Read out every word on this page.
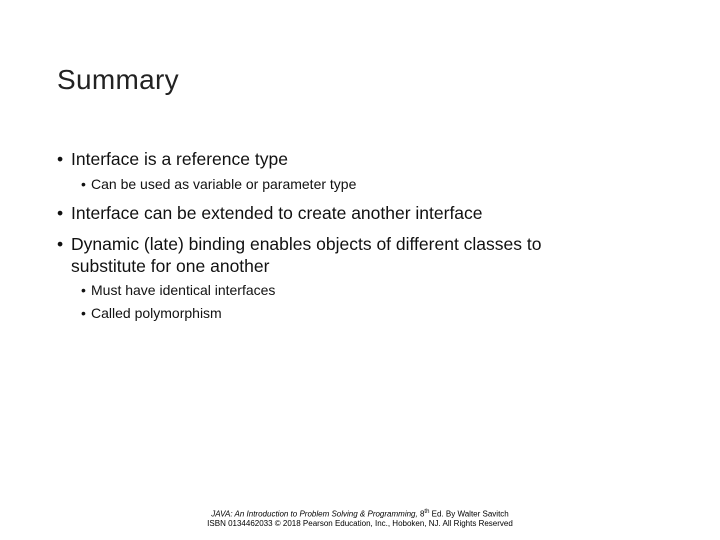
Summary
• Interface is a reference type
• Can be used as variable or parameter type
• Interface can be extended to create another interface
• Dynamic (late) binding enables objects of different classes to
substitute for one another
• Must have identical interfaces
• Called polymorphism
JAVA: An Introduction to Problem Solving & Programming, 8th Ed. By Walter Savitch
ISBN 0134462033 © 2018 Pearson Education, Inc., Hoboken, NJ. All Rights Reserved
